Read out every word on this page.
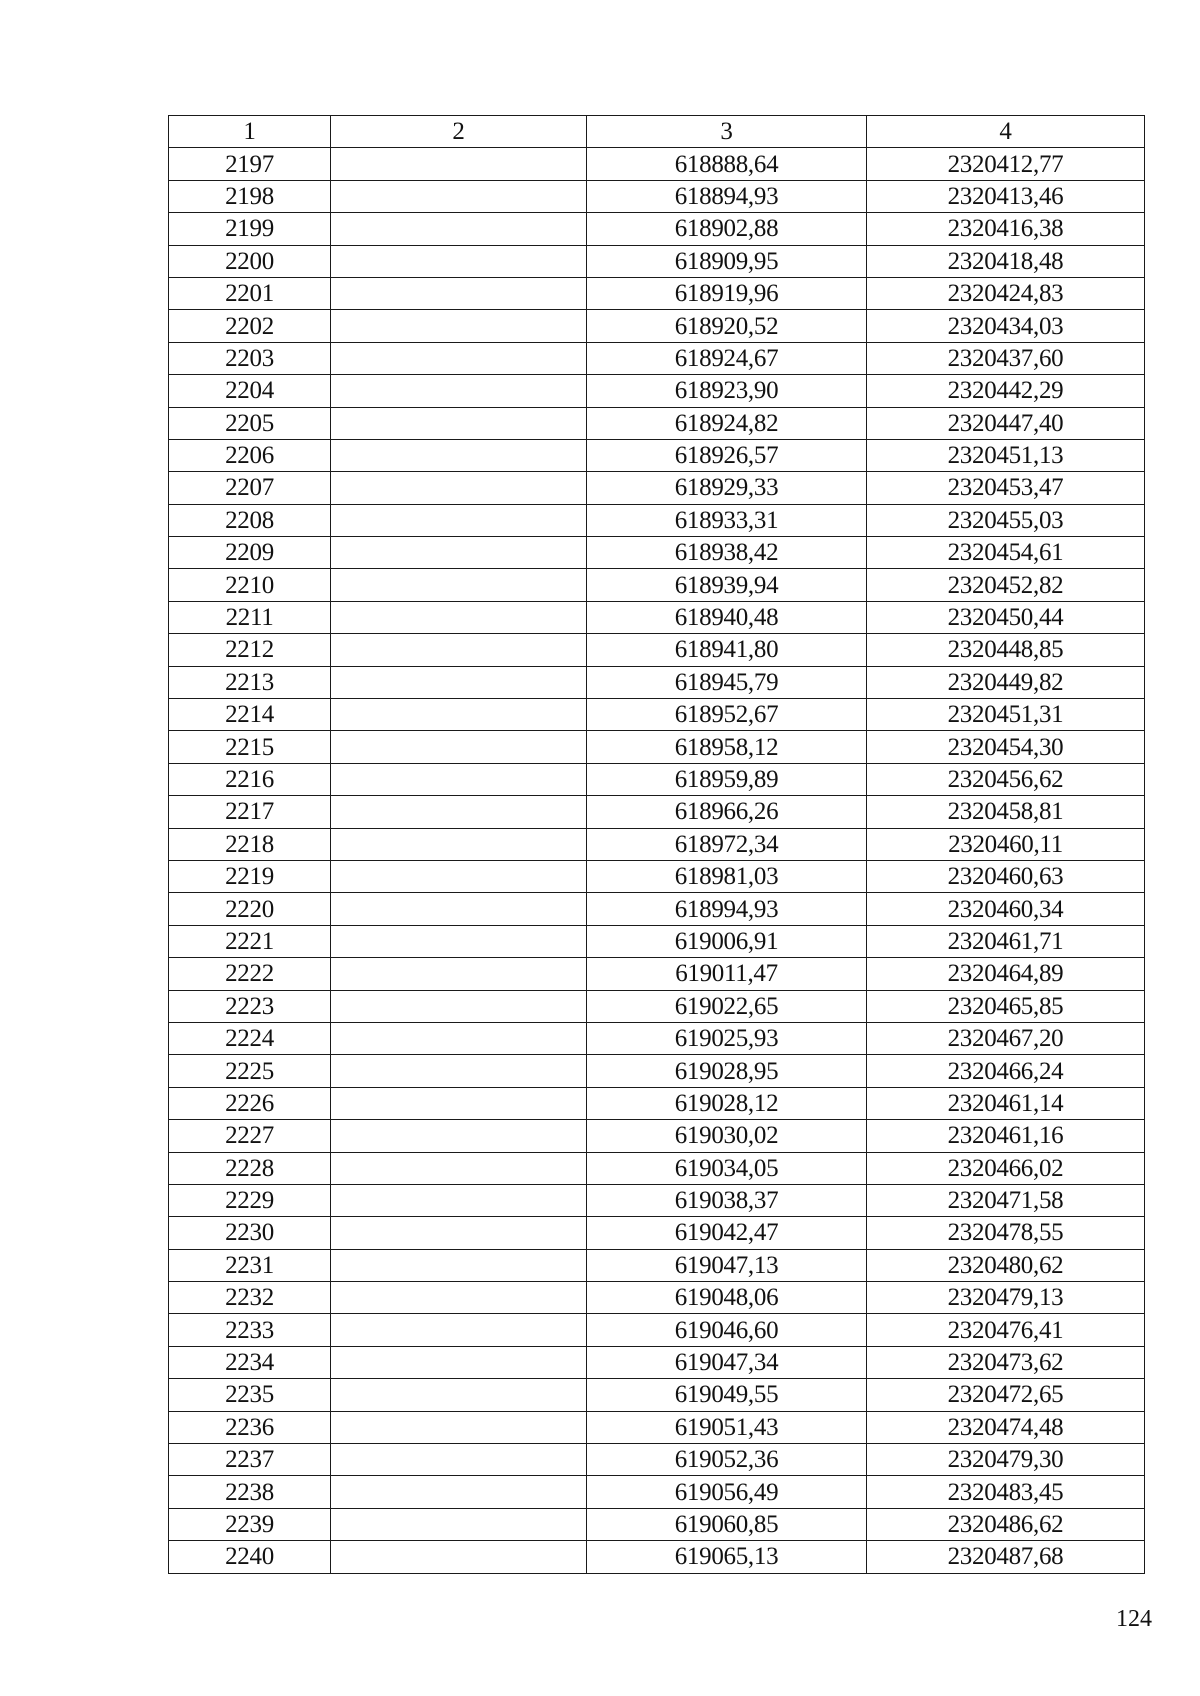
1	2	3	4
2197		618888,64	2320412,77
2198		618894,93	2320413,46
2199		618902,88	2320416,38
2200		618909,95	2320418,48
2201		618919,96	2320424,83
2202		618920,52	2320434,03
2203		618924,67	2320437,60
2204		618923,90	2320442,29
2205		618924,82	2320447,40
2206		618926,57	2320451,13
2207		618929,33	2320453,47
2208		618933,31	2320455,03
2209		618938,42	2320454,61
2210		618939,94	2320452,82
2211		618940,48	2320450,44
2212		618941,80	2320448,85
2213		618945,79	2320449,82
2214		618952,67	2320451,31
2215		618958,12	2320454,30
2216		618959,89	2320456,62
2217		618966,26	2320458,81
2218		618972,34	2320460,11
2219		618981,03	2320460,63
2220		618994,93	2320460,34
2221		619006,91	2320461,71
2222		619011,47	2320464,89
2223		619022,65	2320465,85
2224		619025,93	2320467,20
2225		619028,95	2320466,24
2226		619028,12	2320461,14
2227		619030,02	2320461,16
2228		619034,05	2320466,02
2229		619038,37	2320471,58
2230		619042,47	2320478,55
2231		619047,13	2320480,62
2232		619048,06	2320479,13
2233		619046,60	2320476,41
2234		619047,34	2320473,62
2235		619049,55	2320472,65
2236		619051,43	2320474,48
2237		619052,36	2320479,30
2238		619056,49	2320483,45
2239		619060,85	2320486,62
2240		619065,13	2320487,68
124
